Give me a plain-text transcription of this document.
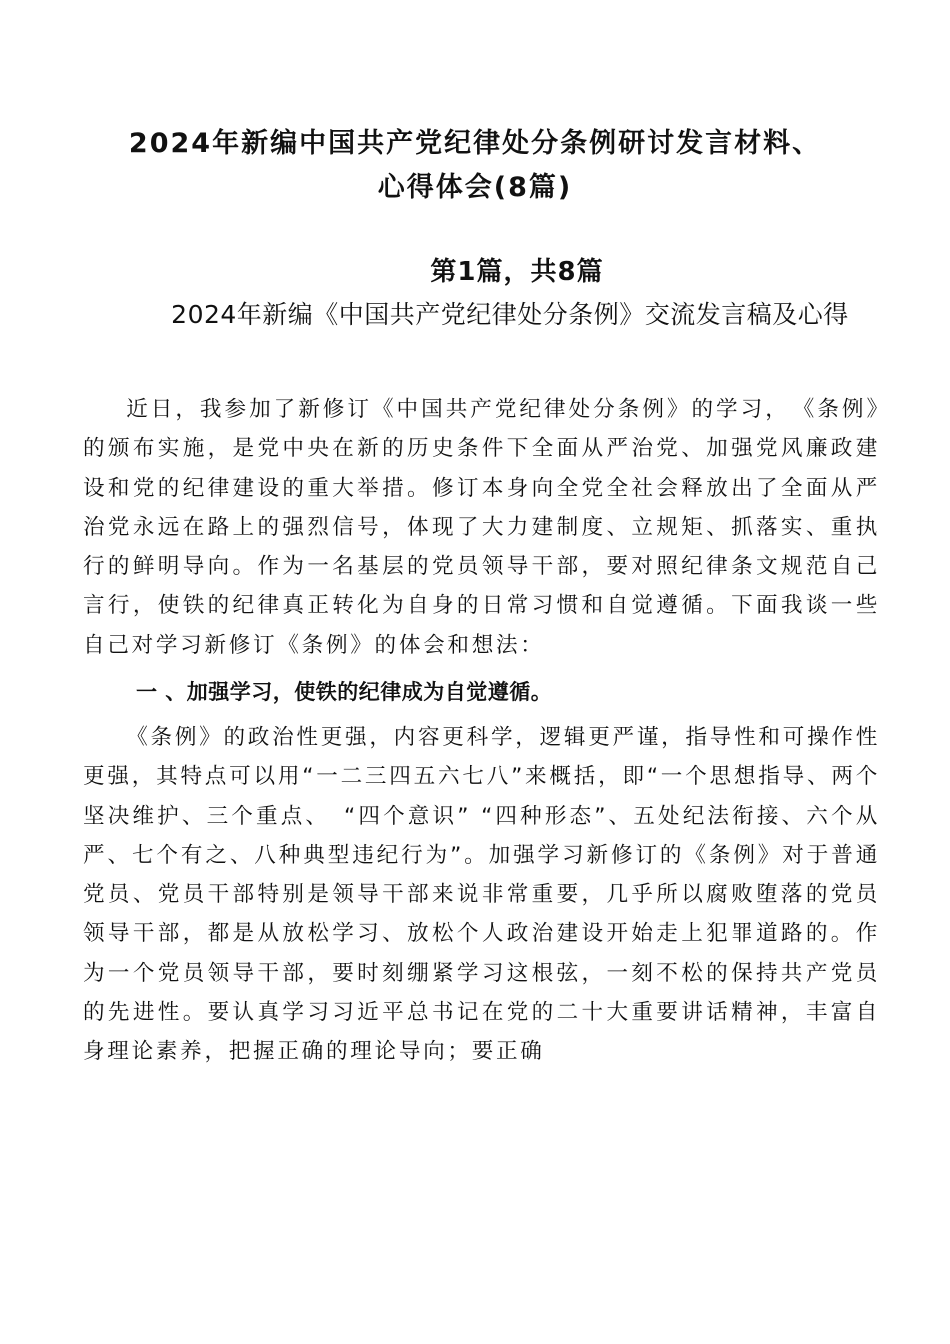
2024年新编中国共产党纪律处分条例研讨发言材料、
心得体会(8篇)
第1篇，共8篇

2024年新编《中国共产党纪律处分条例》交流发言稿及心得

近日，我参加了新修订《中国共产党纪律处分条例》的学习，　《条例》的颁布实施，是党中央在新的历史条件下全面从严治党、加强党风廉政建设和党的纪律建设的重大举措。修订本身向全党全社会释放出了全面从严治党永远在路上的强烈信号，体现了大力建制度、立规矩、抓落实、重执行的鲜明导向。作为一名基层的党员领导干部，要对照纪律条文规范自己言行，使铁的纪律真正转化为自身的日常习惯和自觉遵循。下面我谈一些自己对学习新修订《条例》的体会和想法：

一 、加强学习，使铁的纪律成为自觉遵循。

《条例》的政治性更强，内容更科学，逻辑更严谨，指导性和可操作性更强，其特点可以用“一二三四五六七八”来概括，即“一个思想指导、两个坚决维护、三个重点、　“四个意识” “四种形态”、五处纪法衔接、六个从严、七个有之、八种典型违纪行为”。加强学习新修订的《条例》对于普通党员、党员干部特别是领导干部来说非常重要，几乎所以腐败堕落的党员领导干部，都是从放松学习、放松个人政治建设开始走上犯罪道路的。作为一个党员领导干部，要时刻绷紧学习这根弦，一刻不松的保持共产党员的先进性。要认真学习习近平总书记在党的二十大重要讲话精神，丰富自身理论素养，把握正确的理论导向；要正确
